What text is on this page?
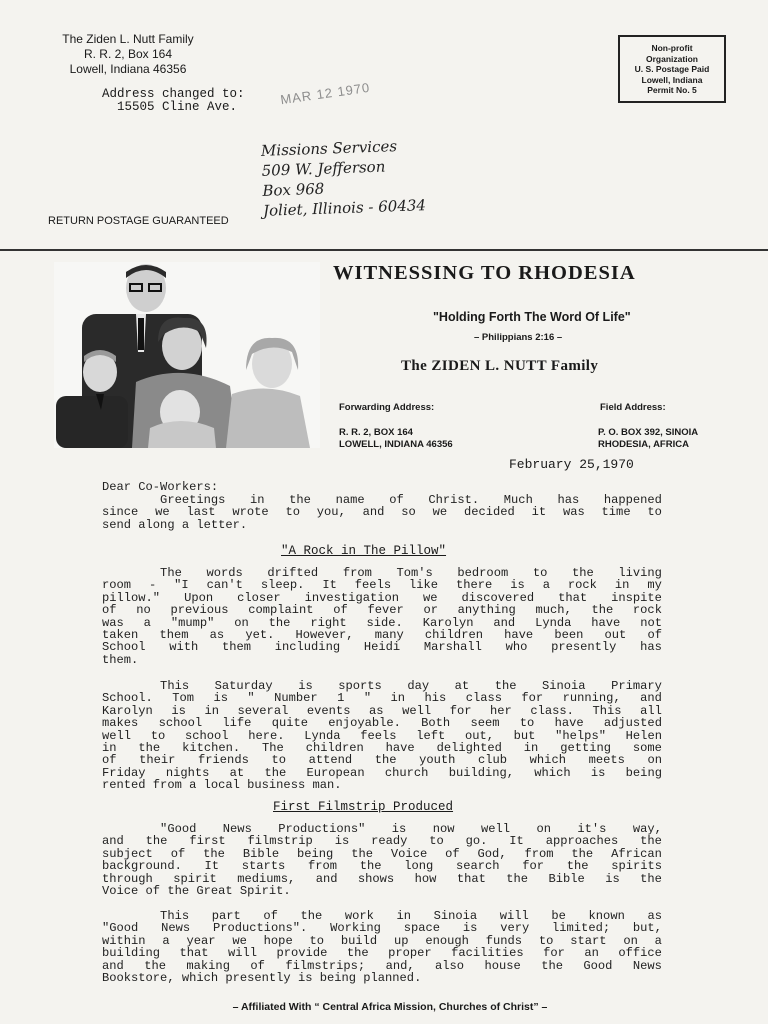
The Ziden L. Nutt Family
R. R. 2, Box 164
Lowell, Indiana 46356
Non-profit
Organization
U. S. Postage Paid
Lowell, Indiana
Permit No. 5
Address changed to:
15505 Cline Ave.	MAR 12 1970
Missions Services
509 W. Jefferson
Box 968
Joliet, Illinois - 60434
RETURN POSTAGE GUARANTEED
WITNESSING TO RHODESIA
"Holding Forth The Word Of Life"
– Philippians 2:16 –
The ZIDEN L. NUTT Family
Forwarding Address:	Field Address:
R. R. 2, BOX 164
LOWELL, INDIANA 46356
P. O. BOX 392, SINOIA
RHODESIA, AFRICA
February 25,1970
Dear Co-Workers:
Greetings in the name of Christ. Much has happened
since we last wrote to you, and so we decided it was time to
send along a letter.
"A Rock in The Pillow"
The words drifted from Tom's bedroom to the living
room - "I can't sleep. It feels like there is a rock in my
pillow." Upon closer investigation we discovered that inspite
of no previous complaint of fever or anything much, the rock
was a "mump" on the right side. Karolyn and Lynda have not
taken them as yet. However, many children have been out of
School with them including Heidi Marshall who presently has
them.
This Saturday is sports day at the Sinoia Primary
School. Tom is " Number 1 " in his class for running, and
Karolyn is in several events as well for her class. This all
makes school life quite enjoyable. Both seem to have adjusted
well to school here. Lynda feels left out, but "helps" Helen
in the kitchen. The children have delighted in getting some
of their friends to attend the youth club which meets on
Friday nights at the European church building, which is being
rented from a local business man.
First Filmstrip Produced
"Good News Productions" is now well on it's way,
and the first filmstrip is ready to go. It approaches the
subject of the Bible being the Voice of God, from the African
background. It starts from the long search for the spirits
through spirit mediums, and shows how that the Bible is the
Voice of the Great Spirit.
This part of the work in Sinoia will be known as
"Good News Productions". Working space is very limited; but,
within a year we hope to build up enough funds to start on a
building that will provide the proper facilities for an office
and the making of filmstrips; and, also house the Good News
Bookstore, which presently is being planned.
– Affiliated With “ Central Africa Mission, Churches of Christ” –
